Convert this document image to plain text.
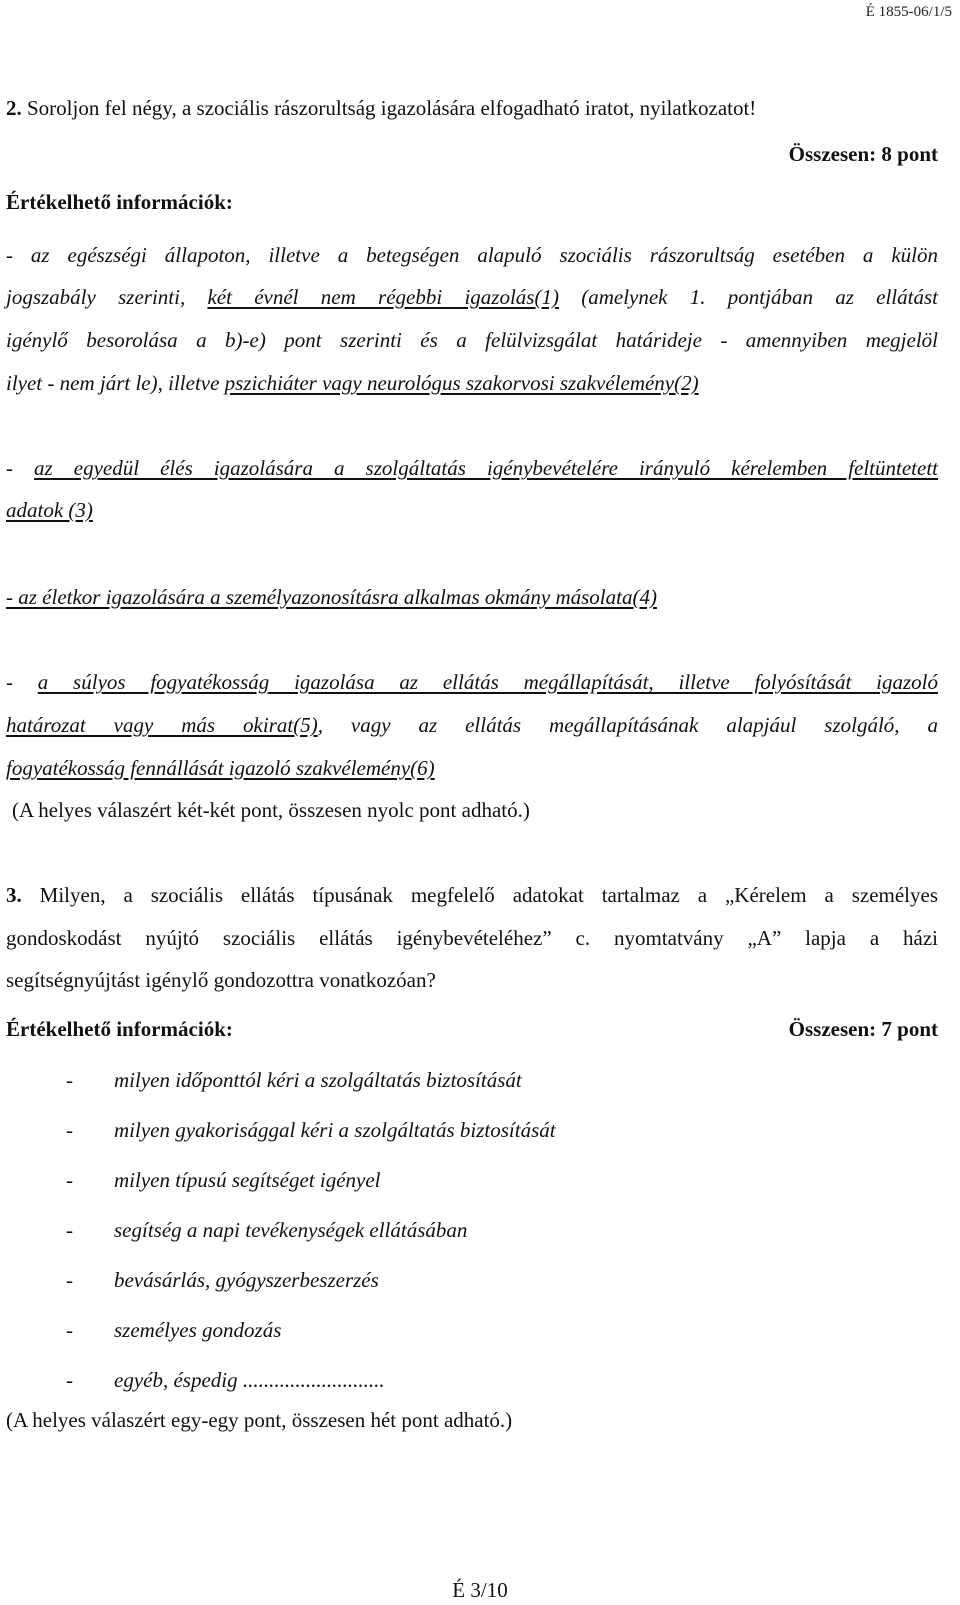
É 1855-06/1/5
2. Soroljon fel négy, a szociális rászorultság igazolására elfogadható iratot, nyilatkozatot!
Összesen: 8 pont
Értékelhető információk:
- az egészségi állapoton, illetve a betegségen alapuló szociális rászorultság esetében a külön
jogszabály szerinti, két évnél nem régebbi igazolás(1) (amelynek 1. pontjában az ellátást
igénylő besorolása a b)-e) pont szerinti és a felülvizsgálat határideje - amennyiben megjelöl
ilyet - nem járt le), illetve pszichiáter vagy neurológus szakorvosi szakvélemény(2)
- az egyedül élés igazolására a szolgáltatás igénybevételére irányuló kérelemben feltüntetett
adatok (3)
- az életkor igazolására a személyazonosításra alkalmas okmány másolata(4)
- a súlyos fogyatékosság igazolása az ellátás megállapítását, illetve folyósítását igazoló
határozat vagy más okirat(5), vagy az ellátás megállapításának alapjául szolgáló, a
fogyatékosság fennállását igazoló szakvélemény(6)
(A helyes válaszért két-két pont, összesen nyolc pont adható.)
3. Milyen, a szociális ellátás típusának megfelelő adatokat tartalmaz a „Kérelem a személyes
gondoskodást nyújtó szociális ellátás igénybevételéhez” c. nyomtatvány „A” lapja a házi
segítségnyújtást igénylő gondozottra vonatkozóan?
Értékelhető információk:	Összesen: 7 pont
- milyen időponttól kéri a szolgáltatás biztosítását
- milyen gyakorisággal kéri a szolgáltatás biztosítását
- milyen típusú segítséget igényel
- segítség a napi tevékenységek ellátásában
- bevásárlás, gyógyszerbeszerzés
- személyes gondozás
- egyéb, éspedig ...........................
(A helyes válaszért egy-egy pont, összesen hét pont adható.)
É 3/10
